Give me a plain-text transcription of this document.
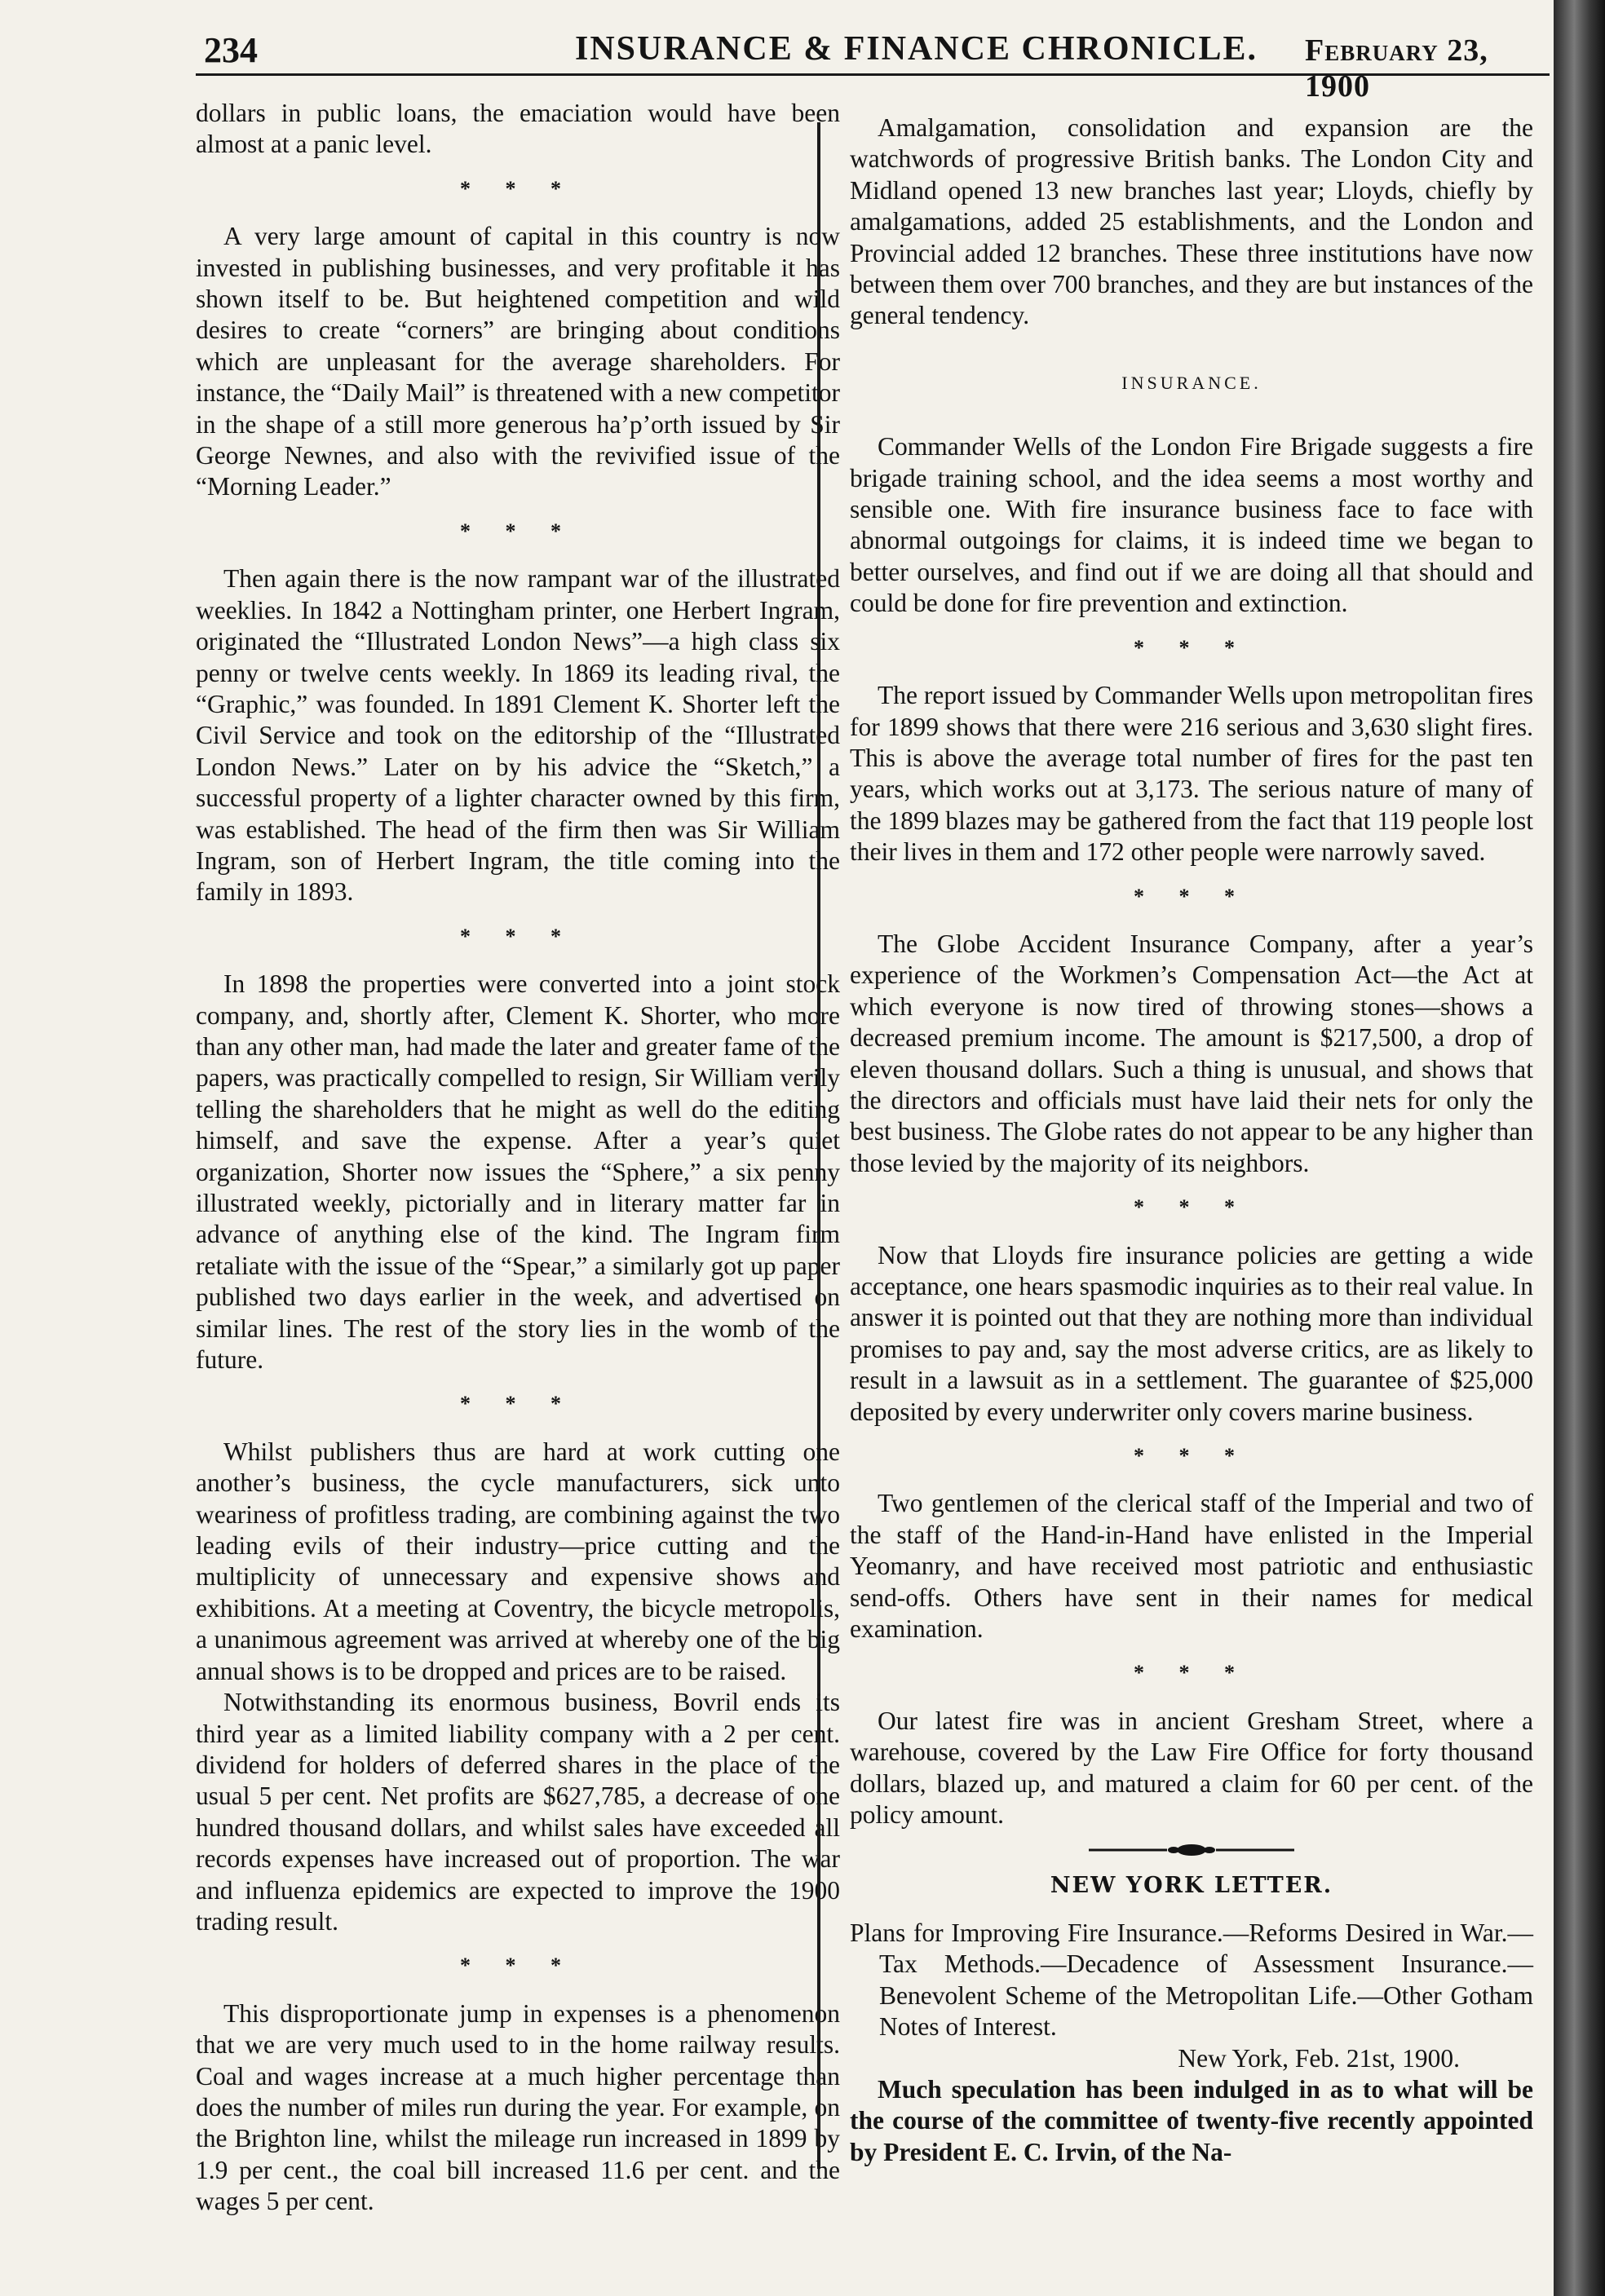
234	INSURANCE & FINANCE CHRONICLE. February 23, 1900

dollars in public loans, the emaciation would have been almost at a panic level.

* * *

A very large amount of capital in this country is now invested in publishing businesses, and very profitable it has shown itself to be. But heightened competition and wild desires to create “corners” are bringing about conditions which are unpleasant for the average shareholders. For instance, the “Daily Mail” is threatened with a new competitor in the shape of a still more generous ha’p’orth issued by Sir George Newnes, and also with the revivified issue of the “Morning Leader.”

* * *

Then again there is the now rampant war of the illustrated weeklies. In 1842 a Nottingham printer, one Herbert Ingram, originated the “Illustrated London News”—a high class six penny or twelve cents weekly. In 1869 its leading rival, the “Graphic,” was founded. In 1891 Clement K. Shorter left the Civil Service and took on the editorship of the “Illustrated London News.” Later on by his advice the “Sketch,” a successful property of a lighter character owned by this firm, was established. The head of the firm then was Sir William Ingram, son of Herbert Ingram, the title coming into the family in 1893.

* * *

In 1898 the properties were converted into a joint stock company, and, shortly after, Clement K. Shorter, who more than any other man, had made the later and greater fame of the papers, was practically compelled to resign, Sir William verily telling the shareholders that he might as well do the editing himself, and save the expense. After a year’s quiet organization, Shorter now issues the “Sphere,” a six penny illustrated weekly, pictorially and in literary matter far in advance of anything else of the kind. The Ingram firm retaliate with the issue of the “Spear,” a similarly got up paper published two days earlier in the week, and advertised on similar lines. The rest of the story lies in the womb of the future.

* * *

Whilst publishers thus are hard at work cutting one another’s business, the cycle manufacturers, sick unto weariness of profitless trading, are combining against the two leading evils of their industry—price cutting and the multiplicity of unnecessary and expensive shows and exhibitions. At a meeting at Coventry, the bicycle metropolis, a unanimous agreement was arrived at whereby one of the big annual shows is to be dropped and prices are to be raised.

Notwithstanding its enormous business, Bovril ends its third year as a limited liability company with a 2 per cent. dividend for holders of deferred shares in the place of the usual 5 per cent. Net profits are $627,785, a decrease of one hundred thousand dollars, and whilst sales have exceeded all records expenses have increased out of proportion. The war and influenza epidemics are expected to improve the 1900 trading result.

* * *

This disproportionate jump in expenses is a phenomenon that we are very much used to in the home railway results. Coal and wages increase at a much higher percentage than does the number of miles run during the year. For example, on the Brighton line, whilst the mileage run increased in 1899 by 1.9 per cent., the coal bill increased 11.6 per cent. and the wages 5 per cent.

Amalgamation, consolidation and expansion are the watchwords of progressive British banks. The London City and Midland opened 13 new branches last year; Lloyds, chiefly by amalgamations, added 25 establishments, and the London and Provincial added 12 branches. These three institutions have now between them over 700 branches, and they are but instances of the general tendency.

INSURANCE.

Commander Wells of the London Fire Brigade suggests a fire brigade training school, and the idea seems a most worthy and sensible one. With fire insurance business face to face with abnormal outgoings for claims, it is indeed time we began to better ourselves, and find out if we are doing all that should and could be done for fire prevention and extinction.

* * *

The report issued by Commander Wells upon metropolitan fires for 1899 shows that there were 216 serious and 3,630 slight fires. This is above the average total number of fires for the past ten years, which works out at 3,173. The serious nature of many of the 1899 blazes may be gathered from the fact that 119 people lost their lives in them and 172 other people were narrowly saved.

* * *

The Globe Accident Insurance Company, after a year’s experience of the Workmen’s Compensation Act—the Act at which everyone is now tired of throwing stones—shows a decreased premium income. The amount is $217,500, a drop of eleven thousand dollars. Such a thing is unusual, and shows that the directors and officials must have laid their nets for only the best business. The Globe rates do not appear to be any higher than those levied by the majority of its neighbors.

* * *

Now that Lloyds fire insurance policies are getting a wide acceptance, one hears spasmodic inquiries as to their real value. In answer it is pointed out that they are nothing more than individual promises to pay and, say the most adverse critics, are as likely to result in a lawsuit as in a settlement. The guarantee of $25,000 deposited by every underwriter only covers marine business.

* * *

Two gentlemen of the clerical staff of the Imperial and two of the staff of the Hand-in-Hand have enlisted in the Imperial Yeomanry, and have received most patriotic and enthusiastic send-offs. Others have sent in their names for medical examination.

* * *

Our latest fire was in ancient Gresham Street, where a warehouse, covered by the Law Fire Office for forty thousand dollars, blazed up, and matured a claim for 60 per cent. of the policy amount.

NEW YORK LETTER.

Plans for Improving Fire Insurance.—Reforms Desired in War.—Tax Methods.—Decadence of Assessment Insurance.—Benevolent Scheme of the Metropolitan Life.—Other Gotham Notes of Interest.

New York, Feb. 21st, 1900.

Much speculation has been indulged in as to what will be the course of the committee of twenty-five recently appointed by President E. C. Irvin, of the Na-
